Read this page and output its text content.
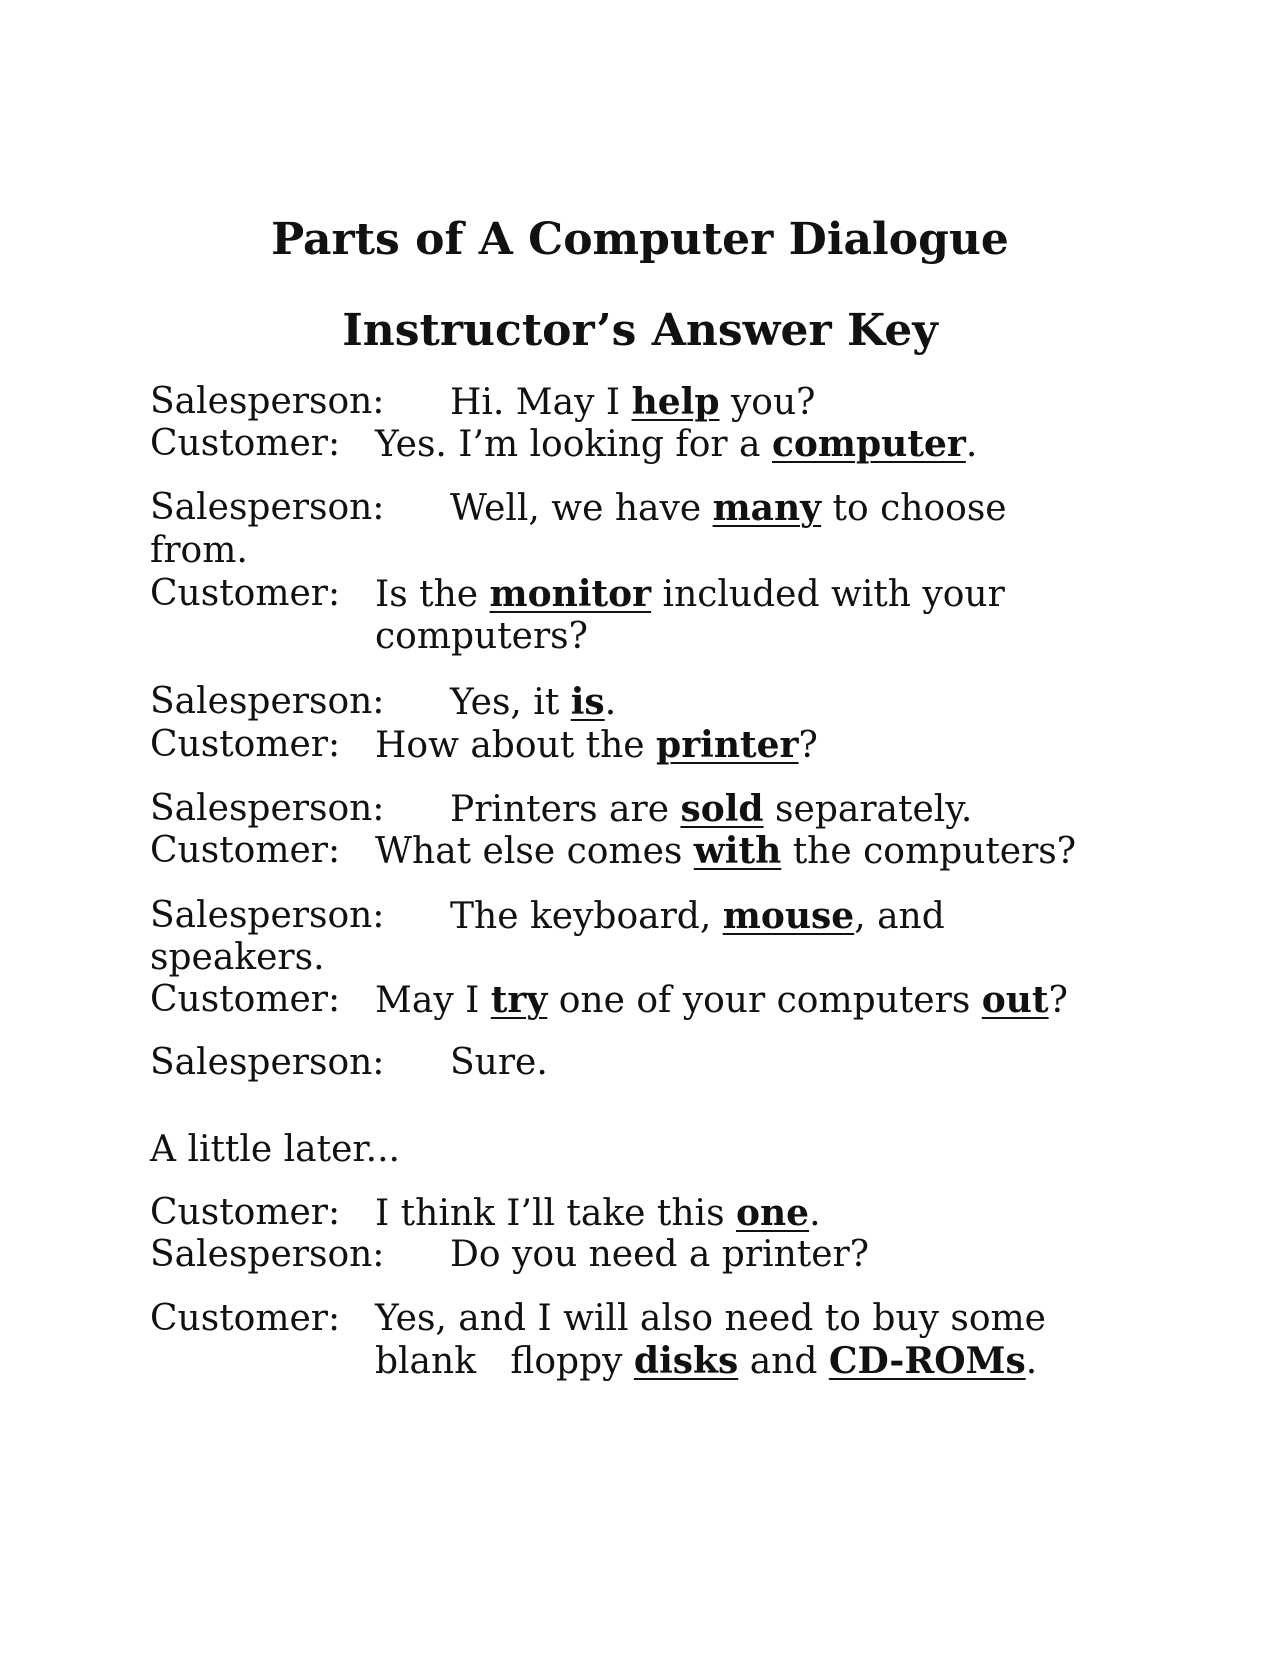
Parts of A Computer Dialogue
Instructor’s Answer Key
Salesperson: Hi. May I help you?
Customer: Yes. I’m looking for a computer.
Salesperson: Well, we have many to choose
from.
Customer: Is the monitor included with your
computers?
Salesperson: Yes, it is.
Customer: How about the printer?
Salesperson: Printers are sold separately.
Customer: What else comes with the computers?
Salesperson: The keyboard, mouse, and
speakers.
Customer: May I try one of your computers out?
Salesperson: Sure.
A little later...
Customer: I think I’ll take this one.
Salesperson: Do you need a printer?
Customer: Yes, and I will also need to buy some
blank   floppy disks and CD-ROMs.
